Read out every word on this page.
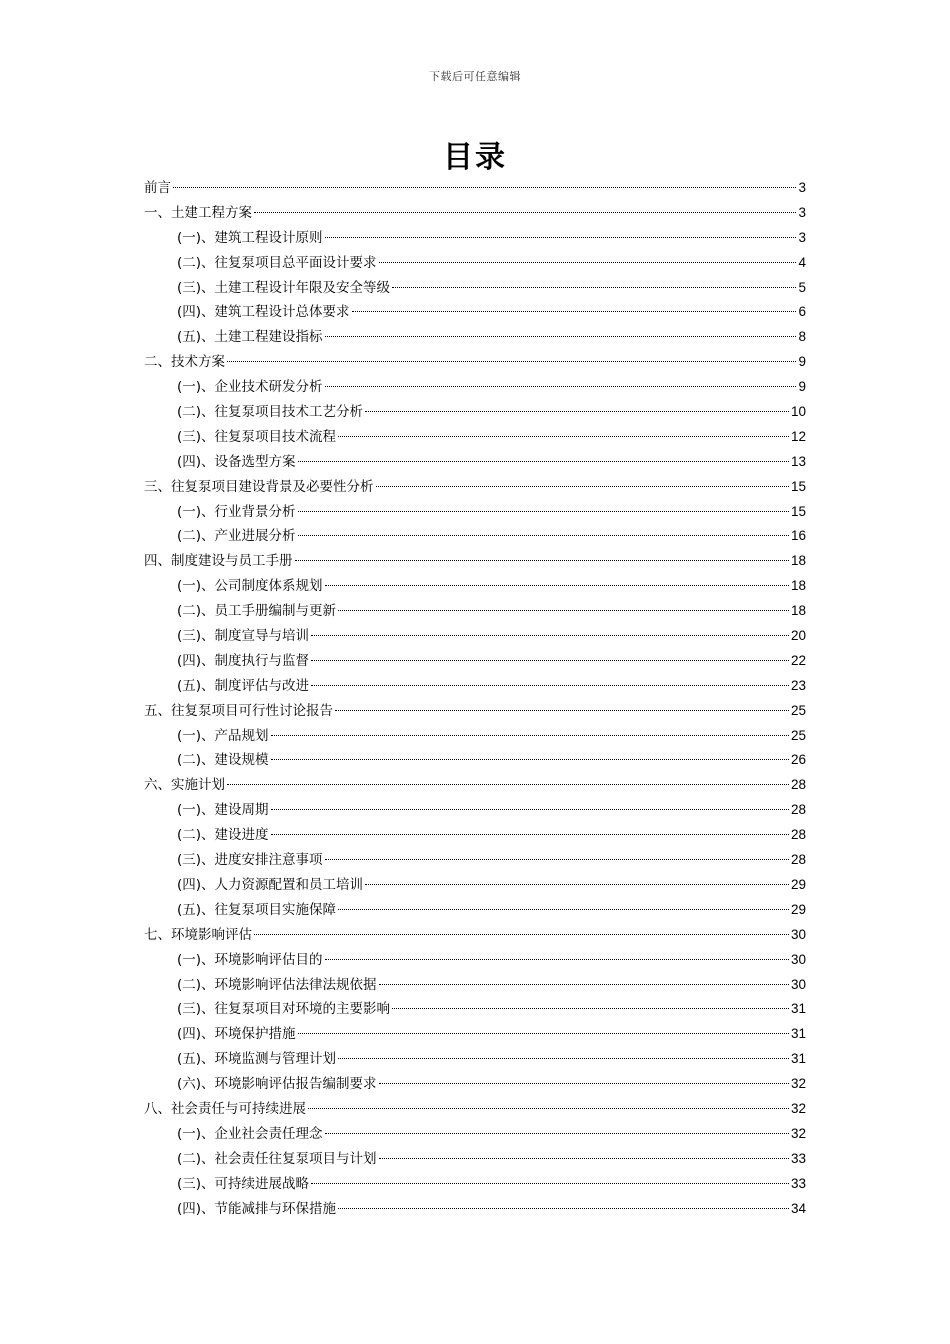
下载后可任意编辑
目录
前言	3
一、土建工程方案	3
(一)、建筑工程设计原则	3
(二)、往复泵项目总平面设计要求	4
(三)、土建工程设计年限及安全等级	5
(四)、建筑工程设计总体要求	6
(五)、土建工程建设指标	8
二、技术方案	9
(一)、企业技术研发分析	9
(二)、往复泵项目技术工艺分析	10
(三)、往复泵项目技术流程	12
(四)、设备选型方案	13
三、往复泵项目建设背景及必要性分析	15
(一)、行业背景分析	15
(二)、产业进展分析	16
四、制度建设与员工手册	18
(一)、公司制度体系规划	18
(二)、员工手册编制与更新	18
(三)、制度宣导与培训	20
(四)、制度执行与监督	22
(五)、制度评估与改进	23
五、往复泵项目可行性讨论报告	25
(一)、产品规划	25
(二)、建设规模	26
六、实施计划	28
(一)、建设周期	28
(二)、建设进度	28
(三)、进度安排注意事项	28
(四)、人力资源配置和员工培训	29
(五)、往复泵项目实施保障	29
七、环境影响评估	30
(一)、环境影响评估目的	30
(二)、环境影响评估法律法规依据	30
(三)、往复泵项目对环境的主要影响	31
(四)、环境保护措施	31
(五)、环境监测与管理计划	31
(六)、环境影响评估报告编制要求	32
八、社会责任与可持续进展	32
(一)、企业社会责任理念	32
(二)、社会责任往复泵项目与计划	33
(三)、可持续进展战略	33
(四)、节能减排与环保措施	34
